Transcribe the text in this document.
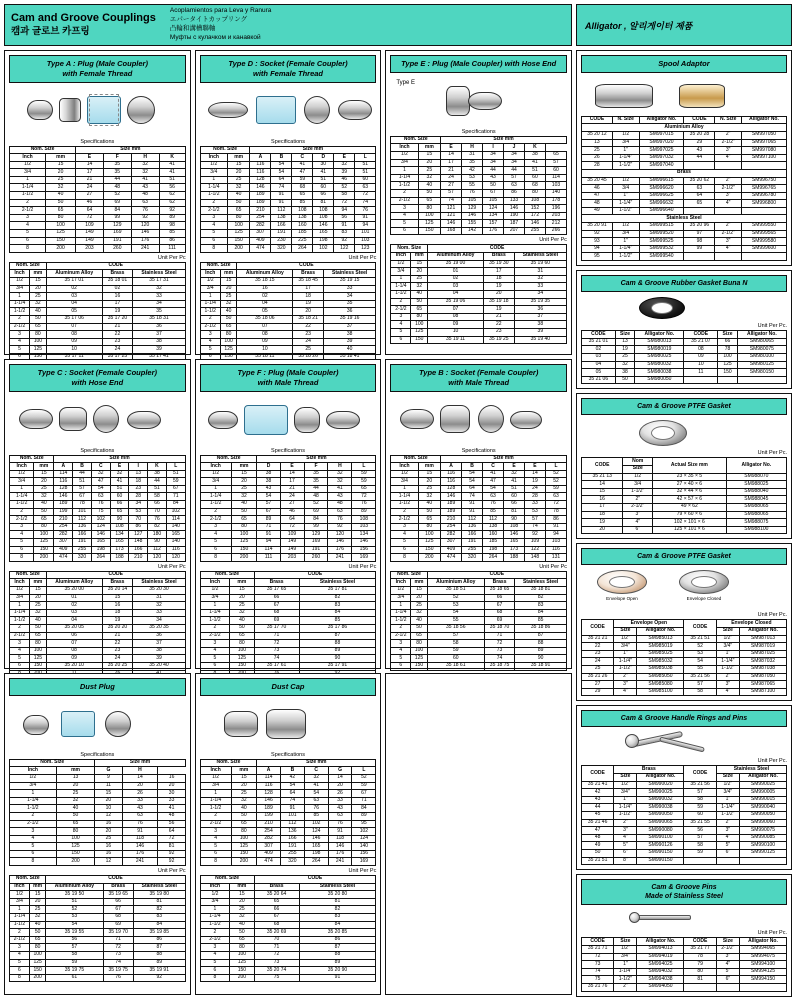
Cam and Groove Couplings
캠과 글로브 카프링
Acoplamientos para Leva y Ranura
エパータイトカップリング
凸輪和溝槽聯軸
Муфты с кулачком и канавкой
Alligator , 알리게이터 제품
Type A : Plug (Male Coupler)
with Female Thread
Specifications
Nom. Size		Size mm			
Inch	mm	E	F	H	K
1/2	15	14	35	32	41
3/4	20	17	35	32	41
1	25	21	44	41	51
1-1/4	32	24	48	43	56
1-1/2	40	27	52	48	62
2	50	46	69	63	62
2-1/2	65	64	84	76	92
3	80	72	99	92	89
4	100	109	129	120	98
5	125	149	169	146	85
6	150	149	191	176	86
8	200	203	260	241	111
Unit Per Pc
Nom. Size		CODE		
Inch	mm	Aluminum Alloy	Brass	Stainless Steel
1/2	15	35 17 01	35 18 01	35 17 31
3/4	20	02	02	32
1	25	03	16	33
1-1/4	32	04	17	34
1-1/2	40	05	19	35
2	50	35 17 06	35 17 20	35 18 31
2-1/2	65	07	21	36
3	80	08	22	37
4	100	09	23	38
5	125	10	24	39
6	150	35 17 11	35 17 25	35 17 41

Type D : Socket (Female Coupler)
with Female Thread
Specifications
Nom. Size		Size mm					
Inch	mm	A	B	C	D	E	L
1/2	15	116	54	41	30	32	51
3/4	20	116	54	47	41	39	51
1	25	128	64	59	51	46	60
1-1/4	32	146	74	68	60	52	63
1-1/2	40	189	91	65	66	58	72
2	50	189	91	85	81	72	74
2-1/2	65	210	112	108	108	94	76
3	80	254	138	138	108	56	91
4	100	282	166	160	146	91	94
5	125	307	191	185	165	83	101
6	150	409	230	225	198	92	103
8	200	474	320	264	102	122	123
Unit Per Pc
Nom. Size		CODE		
Inch	mm	Aluminum Alloy	Brass	Stainless Steel
1/2	15	35 18 15	35 18 45	35 19 15
3/4	20	16	17	33
1	25	02	18	34
1-1/4	32	04	19	35
1-1/2	40	05	20	36
2	50	35 18 06	35 18 21	35 19 16
2-1/2	65	07	22	37
3	80	08	23	38
4	100	09	24	39
5	125	10	25	40
6	150	35 18 11	35 18 26	35 18 41

Type E : Plug (Male Coupler) with Hose End
Type E
Specifications
Nom. Size		Size mm					
Inch	mm	E	H	I	J	K	
1/2	15	14	31	34	34	38	65
3/4	20	17	35	34	34	41	57
1	25	21	42	44	44	51	60
1-1/4	32	24	53	43	57	60	114
1-1/2	40	27	55	50	63	68	103
2	50	57	76	67	86	80	140
2-1/2	65	74	105	105	133	108	178
3	80	121	129	124	146	152	196
4	100	121	146	134	190	172	203
5	125	146	155	157	187	146	212
6	150	168	142	176	207	255	266
Unit Per Pc
Nom. Size		CODE		
Inch	mm	Aluminum Alloy	Brass	Stainless Steel
1/2	15	35 19 00	35 19 30	35 19 60
3/4	20	01	17	31
1	25	02	18	32
1-1/4	32	03	19	33
1-1/2	40	04	20	34
2	50	35 19 06	35 19 18	35 19 35
2-1/2	65	07	19	36
3	80	08	21	37
4	100	09	22	38
5	125	10	23	39
6	150	35 19 11	35 19 25	35 19 40
Type C : Socket (Female Coupler)
with Hose End
Specifications
Nom. Size		Size mm						
Inch	mm	A	B	C	E	I	K	L
1/2	15	114	44	32	32	13	38	51
3/4	20	116	51	47	41	18	44	59
1	25	128	57	54	51	23	51	67
1-1/4	32	146	67	63	60	28	58	71
1-1/2	40	189	78	76	66	34	66	84
2	50	199	101	75	65	53	70	102
2-1/2	65	210	112	102	90	70	76	114
3	80	254	136	124	108	86	82	140
4	100	282	166	146	134	127	180	165
5	125	307	191	165	165	148	90	140
6	150	409	255	198	173	166	112	116
8	200	474	320	264	188	210	120	120
Unit Per Pc
Nom. Size		CODE		
Inch	mm	Aluminum Alloy	Brass	Stainless Steel
1/2	15	35 20 00	35 20 14	35 20 30
3/4	20	01	15	31
1	25	02	16	32
1-1/4	32	03	18	33
1-1/2	40	04	19	34
2	50	35 20 05	35 20 20	35 20 35
2-1/2	65	06	21	36
3	80	07	22	37
4	100	08	23	38
5	125	09	24	39
6	150	35 20 10	35 20 25	35 20 40

Type F : Plug (Male Coupler)
with Male Thread
Specifications
Nom. Size		Size mm				
Inch	mm	D	E	F	H	L
1/2	15	38	14	35	32	59
3/4	20	38	17	35	32	59
1	25	43	21	44	41	65
1-1/4	32	54	24	48	43	72
1-1/2	40	57	27	52	48	76
2	50	67	46	69	63	89
2-1/2	65	89	64	84	76	108
3	80	71	72	99	92	103
4	100	91	109	129	120	134
5	125	94	149	169	146	146
6	150	114	149	191	176	156
8	200	111	203	260	241	169
Unit Per Pc
Nom. Size		CODE	
Inch	mm	Brass	Stainless Steel
1/2	15	35 17 65	35 17 81
3/4	20	66	82
1	25	67	83
1-1/4	32	68	84
1-1/2	40	69	85
2	50	35 17 70	35 17 86
2-1/2	65	71	87
3	80	72	88
4	100	73	89
5	125	74	90
6	150	35 17 61	35 17 91

Type B : Socket (Female Coupler)
with Male Thread
Specifications
Nom. Size		Size mm					
Inch	mm	A	B	C	E	E	L
1/2	15	116	54	41	32	14	52
3/4	20	116	54	47	41	19	52
1	25	128	64	54	51	24	59
1-1/4	32	146	74	63	60	28	63
1-1/2	40	189	91	76	66	33	72
2	50	189	91	85	81	53	78
2-1/2	65	210	112	112	90	57	86
3	80	254	136	138	108	74	91
4	100	282	166	160	146	92	94
5	125	307	191	185	165	109	103
6	150	409	255	198	173	122	116
8	200	474	320	264	188	148	131
Unit Per Pc
Nom. Size		CODE		
Inch	mm	Aluminium Alloy	Brass	Stainless Steel
1/2	15	35 18 51	35 18 65	35 18 81
3/4	20	52	66	82
1	25	53	67	83
1-1/4	32	54	68	84
1-1/2	40	55	69	85
2	50	35 18 56	35 18 70	35 18 86
2-1/2	65	57	71	87
3	80	58	72	88
4	100	59	73	89
5	125	60	74	90
6	150	35 18 61	35 18 75	35 18 91
Dust Plug
Specifications
Nom. Size		Size mm		
Inch	mm	G	H	
1/2	13	9	14	16
3/4	20	11	20	20
1	25	15	26	30
1-1/4	32	20	33	33
1-1/2	40	10	43	41
2	50	12	63	48
2-1/2	65	16	76	56
3	80	20	91	64
4	100	25	118	72
5	125	16	146	81
6	150	16	176	92
8	200	12	241	92
Unit Per Pc
Nom. Size		CODE		
Inch	mm	Aluminium Alloy	Brass	Stainless Steel
1/2	15	35 19 50	35 19 65	35 19 80
3/4	20	51	66	81
1	25	52	67	82
1-1/4	32	53	68	83
1-1/2	40	54	69	84
2	50	35 19 55	35 19 70	35 19 85
2-1/2	65	56	71	86
3	80	57	72	87
4	100	58	73	88
5	125	59	74	89
6	150	35 19 75	35 19 75	35 19 91
8	200	61	76	92
Dust Cap
Specifications
Nom. Size		Size mm				
Inch	mm	A	B	C	G	L
1/2	15	114	42	32	14	52
3/4	20	116	54	41	20	59
1	25	128	64	54	26	67
1-1/4	32	146	74	63	33	71
1-1/2	40	189	91	76	43	84
2	50	199	101	85	63	89
2-1/2	65	210	112	102	76	95
3	80	254	136	124	91	102
4	100	282	166	146	118	124
5	125	307	191	165	146	140
6	150	409	255	198	176	156
8	200	474	320	264	241	169
Unit Per Pc
Nom. Size		CODE	
Inch	mm	Brass	Stainless Steel
1/2	15	35 20 64	35 20 80
3/4	20	65	81
1	25	66	82
1-1/4	32	67	83
1-1/2	40	68	84
2	50	35 20 69	35 20 85
2-1/2	65	70	86
3	80	71	87
4	100	72	88
5	125	73	89
6	150	35 20 74	35 20 90
8	200	75	91
Spool Adaptor
CODE	N. Size	Alligator No.	CODE	N. Size	Alligator No.
Aluminium Alloy					
35 20 12	1/2	SM997015	35 20 28	2"	SM997050
13	3/4	SM997020	29	2-1/2"	SM997065
25	1"	SM997025	43	3"	SM997080
26	1-1/4"	SM997032	44	4"	SM997100
28	1-1/2"	SM997040			
Brass					
35 20 45	1/2	SM996615	35 20 62	2"	SM996750
46	3/4	SM996620	63	2-1/2"	SM996765
47	1"	SM996625	64	3"	SM996780
48	1-1/4"	SM996632	65	4"	SM996800
49	1-1/2"	SM996640			
Stainless Steel					
35 20 91	1/2	SM999515	35 20 96	2"	SM999550
92	3/4	SM999520	97	2-1/2"	SM999565
93	1"	SM999525	98	3"	SM999580
94	1-1/4"	SM999532	99	4"	SM999600
95	1-1/2"	SM999540			
Cam & Groove Rubber Gasket Buna N
Unit Per Pc.
CODE	Size	Alligator No.	CODE	Size	Alligator No.
35 21 01	13	SM980013	35 21 07	66	SM980065
02	19	SM980019	08	78	SM980075
03	25	SM980025	09	100	SM980100
04	32	SM980032	10	125	SM980125
05	38	SM980038	11	150	SM980150
35 21 06	50	SM980050			
Cam & Groove PTFE Gasket
Unit Per Pc.
CODE	Nom	Actual Size mm	Alligator No.
	Size		
35 21 13	1/2	23 × 35 × 5	SM988070
14	3/4	27 × 40 × 6	SM988025
15	1-1/2"	32 × 44 × 6	SM988040
16	2"	42 × 57 × 6	SM988045
17	2-1/2"	49 × 62	SM988065
18	3"	79 × 60 × 6	SM988065
19	4"	102 × 101 × 6	SM988075
20	6"	125 × 101 × 6	SM988100
Cam & Groove PTFE Gasket
Envelope Open	Envelope Closed
Unit Per Pc.
CODE	Envelope Open		CODE	Envelope Closed	
	Size	Alligator No.		Size	Alligator No.
35 21 21	1/2"	SM985013	35 21 51	1/2"	SM987013
22	3/4"	SM985019	52	3/4"	SM987019
23	1"	SM985025	53	1"	SM987025
24	1-1/4"	SM985032	54	1-1/4"	SM987032
25	1-1/2"	SM985038	55	1-1/2"	SM987038
35 21 26	2"	SM985050	35 21 56	2"	SM987050
27	3"	SM985080	57	3"	SM987065
29	4"	SM985100	58	4"	SM987100
Cam & Groove Handle Rings and Pins
Unit Per Pc.
CODE	Brass		CODE	Stainless Steel	
	Size	Alligator No.		Size	Alligator No.
35 21 41	1/2"	SM990020	35 21 56	1/2"	SM990025
42	3/4"	SM990025	57	3/4"	SM990005
43	1"	SM990032	58	1"	SM990015
44	1-1/4"	SM990038	59	1-1/4"	SM990040
45	1-1/2"	SM990050	60	1-1/2"	SM990050
35 21 46	2"	SM990065	35 21 55	2"	SM990060
47	3"	SM990080	56	3"	SM990075
48	4"	SM990100	57	4"	SM990085
49	5"	SM990126	58	5"	SM990100
50	6"	SM990150	59	6"	SM990125
35 21 51	8"	SM990150			
Cam & Groove Pins
Made of Stainless Steel
Unit Per Pc.
CODE	Size	Alligator No.	CODE	Size	Alligator No.
35 21 71	1/2"	SM994013	35 21 77	2-1/2"	SM994065
72	3/4"	SM994019	78	3"	SM994075
73	1"	SM994025	79	4"	SM994100
74	1-1/4"	SM994032	80	5"	SM994125
75	1-1/2"	SM994038	81	6"	SM994150
35 21 76	2"	SM994050			
